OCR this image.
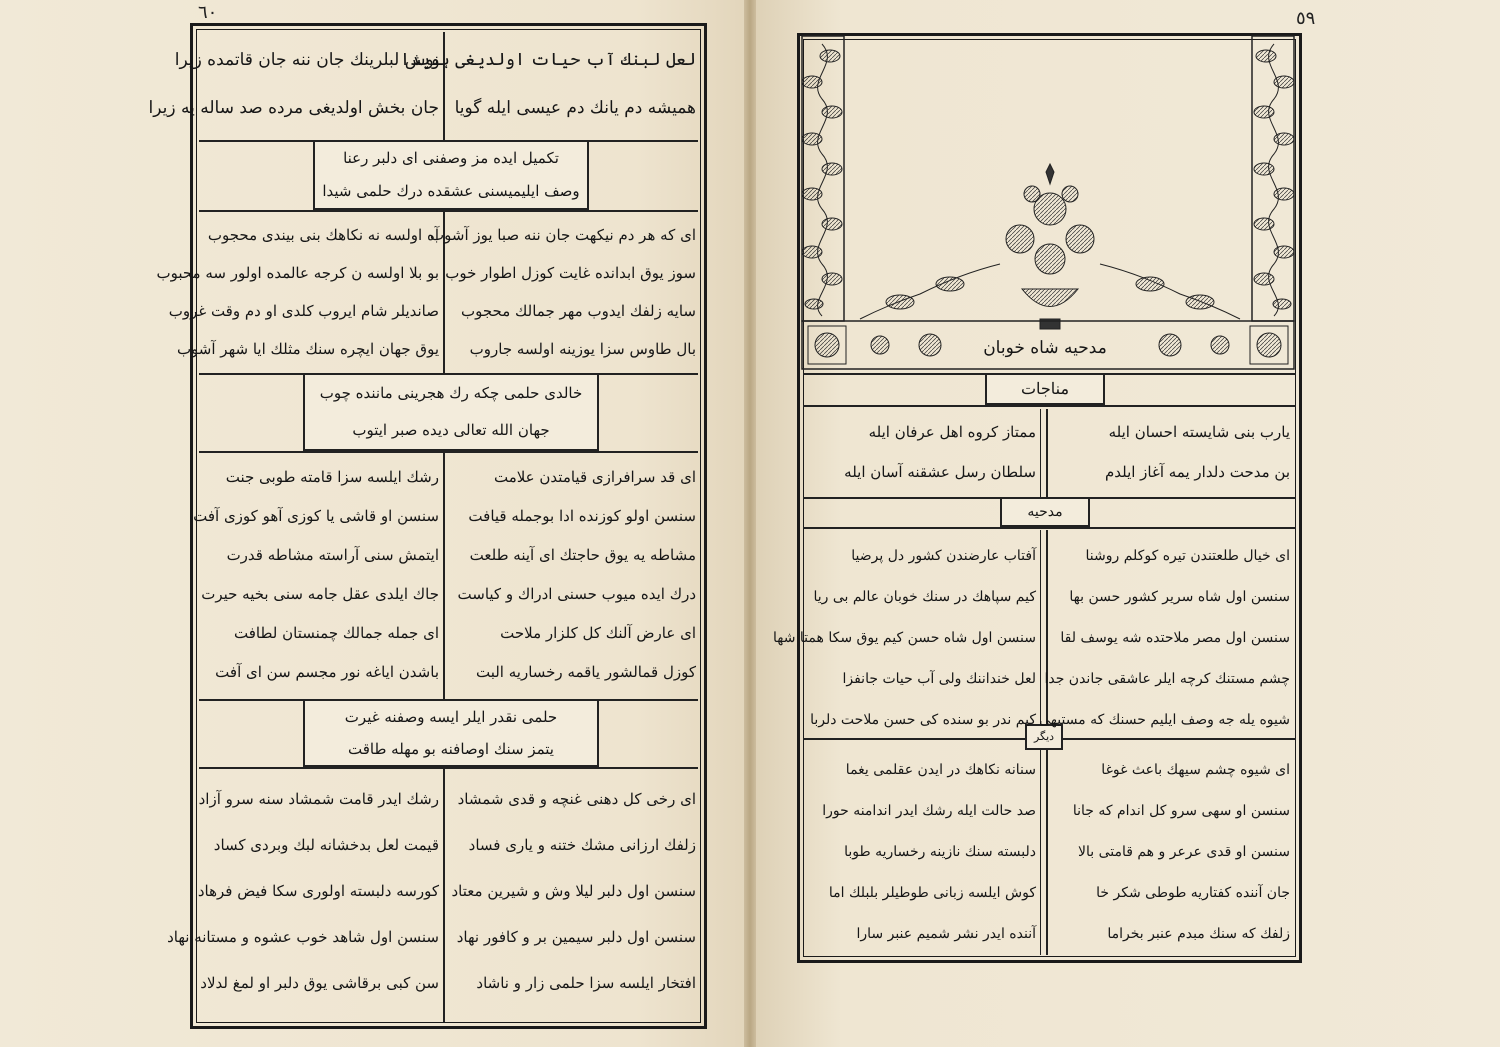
٦٠	٥٩
لعل لبنك آب حیات اولدیغی ہویدا
همیشه دم یانك دم عیسی ایله گویا
نوش لبلرینك جان ننه جان قاتمده زیرا
جان بخش اولدیغی مرده صد ساله یه زیرا
تكمیل ایده مز وصفنی ای دلبر رعنا
وصف ایلیمیسنی عشقده درك حلمی شیدا
ای كه هر دم نیكهت جان ننه صبا یوز آشوب
سوز یوق ابدانده غایت كوزل اطوار خوب
سایه زلفك ایدوب مهر جمالك محجوب
بال طاوس سزا یوزینه اولسه جاروب
آه اولسه نه نكاهك بنی بیندی محجوب
بو بلا اولسه ن كرجه عالمده اولور سه محبوب
صاندیلر شام ایروب كلدی او دم وقت غروب
یوق جهان ایچره سنك مثلك ایا شهر آشوب
خالدی حلمی چكه رك هجرینی ماننده چوب
جهان الله تعالی دیده صبر ایتوب
ای قد سرافرازی قیامتدن علامت
سنسن اولو كوزنده ادا بوجمله قیافت
مشاطه یه یوق حاجتك ای آینه طلعت
درك ایده میوب حسنی ادراك و كیاست
ای عارض آلنك كل كلزار ملاحت
كوزل قمالشور یاقمه رخساریه البت
رشك ایلسه سزا قامته طوبی جنت
سنسن او قاشی یا كوزی آهو كوزی آفت
ایتمش سنی آراسته مشاطه قدرت
جاك ایلدی عقل جامه سنی بخیه حیرت
ای جمله جمالك چمنستان لطافت
باشدن ایاغه نور مجسم سن ای آفت
حلمی نقدر ایلر ایسه وصفنه غیرت
یتمز سنك اوصافنه بو مهله طاقت
ای رخی كل دهنی غنچه و قدی شمشاد
زلفك ارزانی مشك ختنه و یاری فساد
سنسن اول دلبر لیلا وش و شیرین معتاد
سنسن اول دلبر سیمین بر و كافور نهاد
افتخار ایلسه سزا حلمی زار و ناشاد
رشك ایدر قامت شمشاد سنه سرو آزاد
قیمت لعل بدخشانه لبك وبردی كساد
كورسه دلبسته اولوری سكا فیض فرهاد
سنسن اول شاهد خوب عشوه و مستانه نهاد
سن كبی برقاشی یوق دلبر او لمغ لدلاد
مدحیه شاه خوبان
مناجات
یارب بنی شایسته احسان ایله
بن مدحت دلدار یمه آغاز ایلدم
ممتاز كروه اهل عرفان ایله
سلطان رسل عشقنه آسان ایله
مدحیه
دیگر
ای خیال طلعتندن تیره كوكلم روشنا
سنسن اول شاه سریر كشور حسن بها
سنسن اول مصر ملاحتده شه یوسف لقا
چشم مستنك كرچه ایلر عاشقی جاندن جدا
شیوه یله جه وصف ایلیم حسنك كه مستیهی
آفتاب عارضندن كشور دل پرضیا
كیم سپاهك در سنك خوبان عالم بی ریا
سنسن اول شاه حسن كیم یوق سكا همتا شها
لعل خنداننك ولی آب حیات جانفزا
كیم ندر بو سنده كی حسن ملاحت دلربا
ای شیوه چشم سیهك باعث غوغا
سنسن او سهی سرو كل اندام كه جانا
سنسن او قدی عرعر و هم قامتی بالا
جان آننده كفتاریه طوطی شكر خا
زلفك كه سنك مبدم عنبر بخراما
سنانه نكاهك در ایدن عقلمی یغما
صد حالت ایله رشك ایدر اندامنه حورا
دلبسته سنك نازینه رخساریه طوبا
كوش ایلسه زبانی طوطیلر بلبلك اما
آننده ایدر نشر شمیم عنبر سارا
